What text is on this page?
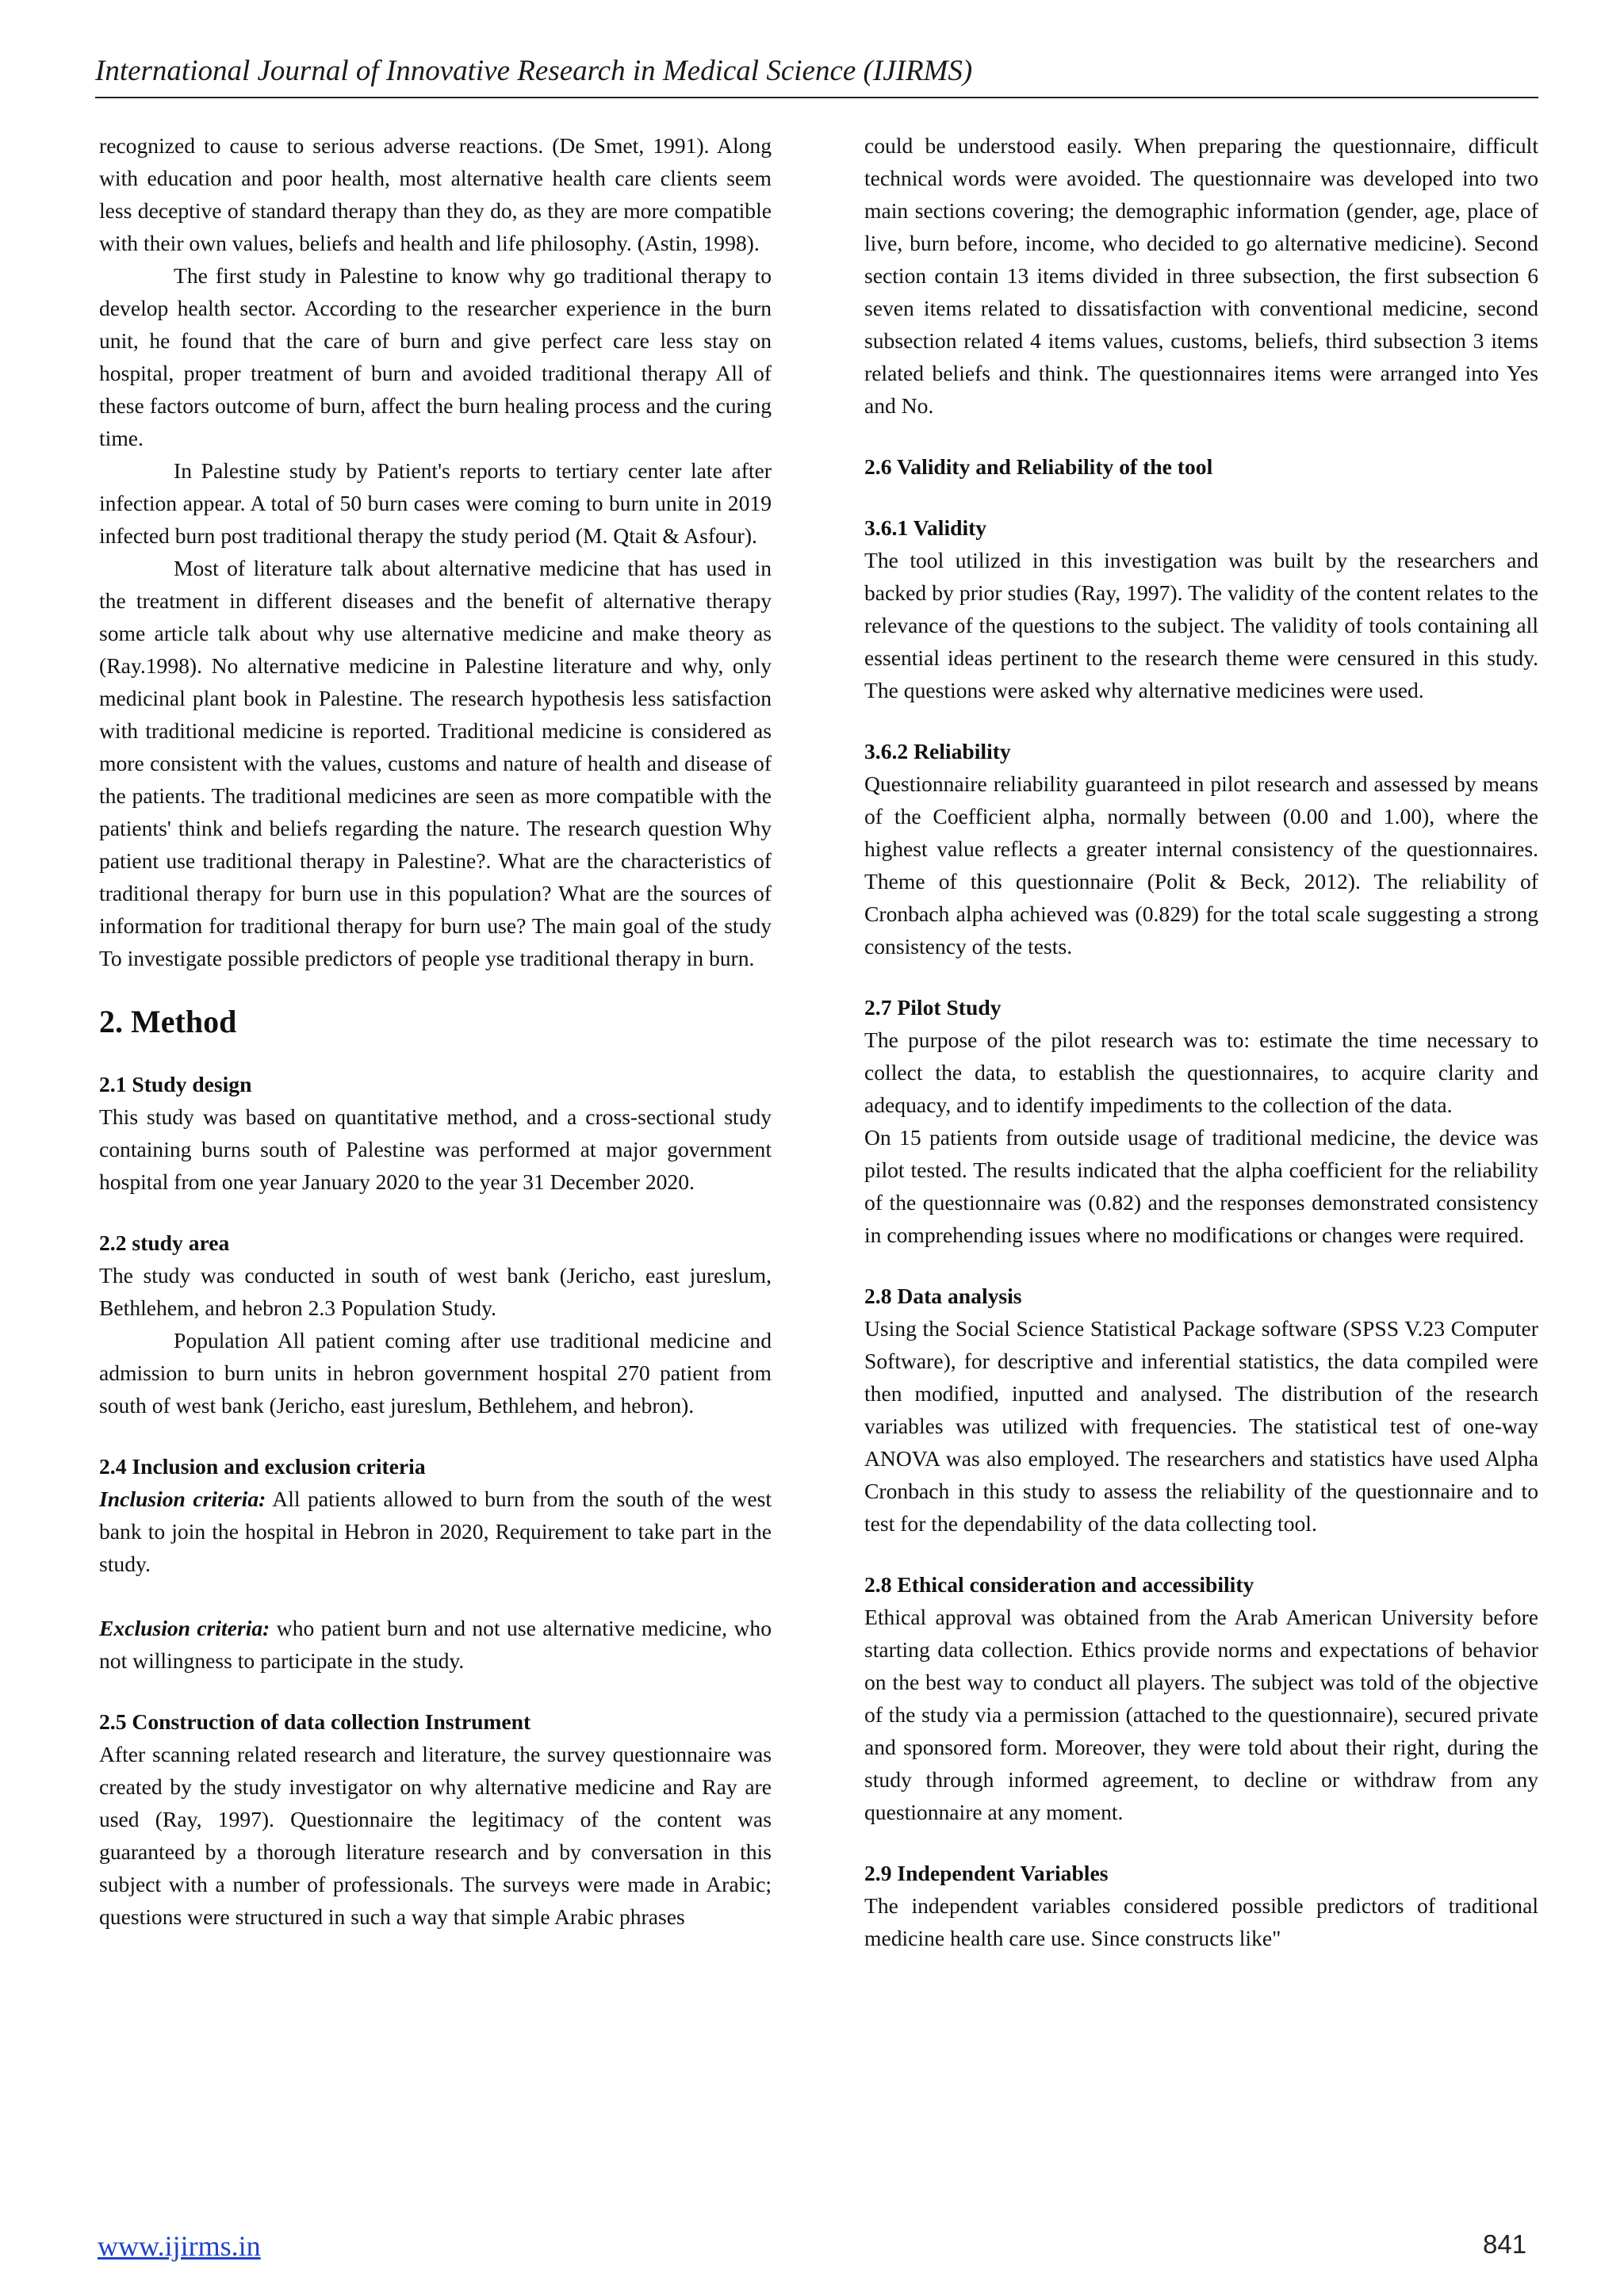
International Journal of Innovative Research in Medical Science (IJIRMS)

recognized to cause to serious adverse reactions. (De Smet, 1991). Along with education and poor health, most alternative health care clients seem less deceptive of standard therapy than they do, as they are more compatible with their own values, beliefs and health and life philosophy. (Astin, 1998).

The first study in Palestine to know why go traditional therapy to develop health sector. According to the researcher experience in the burn unit, he found that the care of burn and give perfect care less stay on hospital, proper treatment of burn and avoided traditional therapy All of these factors outcome of burn, affect the burn healing process and the curing time.

In Palestine study by Patient's reports to tertiary center late after infection appear. A total of 50 burn cases were coming to burn unite in 2019 infected burn post traditional therapy the study period (M. Qtait & Asfour).

Most of literature talk about alternative medicine that has used in the treatment in different diseases and the benefit of alternative therapy some article talk about why use alternative medicine and make theory as (Ray.1998). No alternative medicine in Palestine literature and why, only medicinal plant book in Palestine. The research hypothesis less satisfaction with traditional medicine is reported. Traditional medicine is considered as more consistent with the values, customs and nature of health and disease of the patients. The traditional medicines are seen as more compatible with the patients' think and beliefs regarding the nature. The research question Why patient use traditional therapy in Palestine?. What are the characteristics of traditional therapy for burn use in this population? What are the sources of information for traditional therapy for burn use? The main goal of the study To investigate possible predictors of people yse traditional therapy in burn.

2. Method

2.1 Study design

This study was based on quantitative method, and a cross-sectional study containing burns south of Palestine was performed at major government hospital from one year January 2020 to the year 31 December 2020.

2.2 study area

The study was conducted in south of west bank (Jericho, east jureslum, Bethlehem, and hebron 2.3 Population Study.

Population All patient coming after use traditional medicine and admission to burn units in hebron government hospital 270 patient from south of west bank (Jericho, east jureslum, Bethlehem, and hebron).

2.4 Inclusion and exclusion criteria

Inclusion criteria: All patients allowed to burn from the south of the west bank to join the hospital in Hebron in 2020, Requirement to take part in the study.

Exclusion criteria: who patient burn and not use alternative medicine, who not willingness to participate in the study.

2.5 Construction of data collection Instrument

After scanning related research and literature, the survey questionnaire was created by the study investigator on why alternative medicine and Ray are used (Ray, 1997). Questionnaire the legitimacy of the content was guaranteed by a thorough literature research and by conversation in this subject with a number of professionals. The surveys were made in Arabic; questions were structured in such a way that simple Arabic phrases

could be understood easily. When preparing the questionnaire, difficult technical words were avoided. The questionnaire was developed into two main sections covering; the demographic information (gender, age, place of live, burn before, income, who decided to go alternative medicine). Second section contain 13 items divided in three subsection, the first subsection 6 seven items related to dissatisfaction with conventional medicine, second subsection related 4 items values, customs, beliefs, third subsection 3 items related beliefs and think. The questionnaires items were arranged into Yes and No.

2.6 Validity and Reliability of the tool

3.6.1 Validity

The tool utilized in this investigation was built by the researchers and backed by prior studies (Ray, 1997). The validity of the content relates to the relevance of the questions to the subject. The validity of tools containing all essential ideas pertinent to the research theme were censured in this study. The questions were asked why alternative medicines were used.

3.6.2 Reliability

Questionnaire reliability guaranteed in pilot research and assessed by means of the Coefficient alpha, normally between (0.00 and 1.00), where the highest value reflects a greater internal consistency of the questionnaires. Theme of this questionnaire (Polit & Beck, 2012). The reliability of Cronbach alpha achieved was (0.829) for the total scale suggesting a strong consistency of the tests.

2.7 Pilot Study

The purpose of the pilot research was to: estimate the time necessary to collect the data, to establish the questionnaires, to acquire clarity and adequacy, and to identify impediments to the collection of the data.

On 15 patients from outside usage of traditional medicine, the device was pilot tested. The results indicated that the alpha coefficient for the reliability of the questionnaire was (0.82) and the responses demonstrated consistency in comprehending issues where no modifications or changes were required.

2.8 Data analysis

Using the Social Science Statistical Package software (SPSS V.23 Computer Software), for descriptive and inferential statistics, the data compiled were then modified, inputted and analysed. The distribution of the research variables was utilized with frequencies. The statistical test of one-way ANOVA was also employed. The researchers and statistics have used Alpha Cronbach in this study to assess the reliability of the questionnaire and to test for the dependability of the data collecting tool.

2.8 Ethical consideration and accessibility

Ethical approval was obtained from the Arab American University before starting data collection. Ethics provide norms and expectations of behavior on the best way to conduct all players. The subject was told of the objective of the study via a permission (attached to the questionnaire), secured private and sponsored form. Moreover, they were told about their right, during the study through informed agreement, to decline or withdraw from any questionnaire at any moment.

2.9 Independent Variables

The independent variables considered possible predictors of traditional medicine health care use. Since constructs like"

www.ijirms.in	841
